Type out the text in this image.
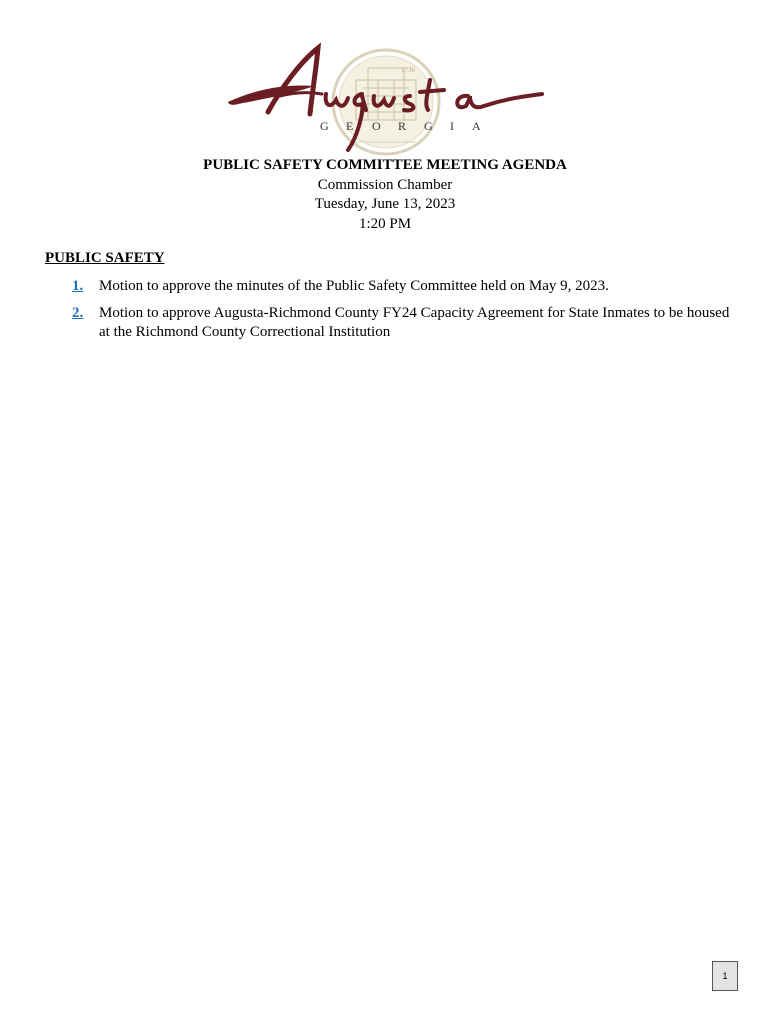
1736
G E O R G I A
PUBLIC SAFETY COMMITTEE MEETING AGENDA
Commission Chamber
Tuesday, June 13, 2023
1:20 PM
PUBLIC SAFETY
1.	Motion to approve the minutes of the Public Safety Committee held on May 9, 2023.
2.	Motion to approve Augusta-Richmond County FY24 Capacity Agreement for State Inmates to be housed at the Richmond County Correctional Institution
1
